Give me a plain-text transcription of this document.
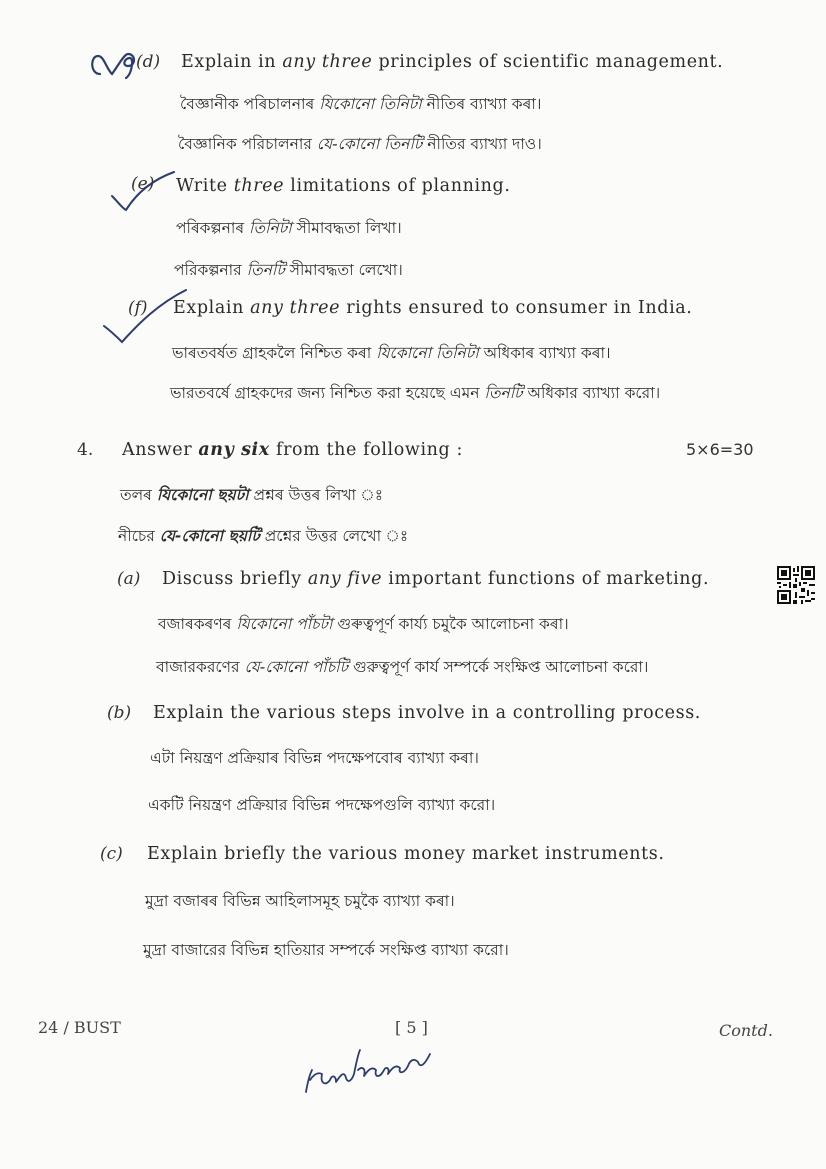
(d) Explain in any three principles of scientific management.
বৈজ্ঞানীক পৰিচালনাৰ যিকোনো তিনিটা নীতিৰ ব্যাখ্যা কৰা।
বৈজ্ঞানিক পরিচালনার যে-কোনো তিনটি নীতির ব্যাখ্যা দাও।
(e) Write three limitations of planning.
পৰিকল্পনাৰ তিনিটা সীমাবদ্ধতা লিখা।
পরিকল্পনার তিনটি সীমাবদ্ধতা লেখো।
(f) Explain any three rights ensured to consumer in India.
ভাৰতবৰ্ষত গ্ৰাহকলৈ নিশ্চিত কৰা যিকোনো তিনিটা অধিকাৰ ব্যাখ্যা কৰা।
ভারতবর্ষে গ্রাহকদের জন্য নিশ্চিত করা হয়েছে এমন তিনটি অধিকার ব্যাখ্যা করো।
4. Answer any six from the following :	5×6=30
তলৰ যিকোনো ছয়টা প্ৰশ্নৰ উত্তৰ লিখা ঃ
নীচের যে-কোনো ছয়টি প্রশ্নের উত্তর লেখো ঃ
(a) Discuss briefly any five important functions of marketing.
বজাৰকৰণৰ যিকোনো পাঁচটা গুৰুত্বপূৰ্ণ কাৰ্য্য চমুকৈ আলোচনা কৰা।
বাজারকরণের যে-কোনো পাঁচটি গুরুত্বপূর্ণ কার্য সম্পর্কে সংক্ষিপ্ত আলোচনা করো।
(b) Explain the various steps involve in a controlling process.
এটা নিয়ন্ত্ৰণ প্ৰক্ৰিয়াৰ বিভিন্ন পদক্ষেপবোৰ ব্যাখ্যা কৰা।
একটি নিয়ন্ত্রণ প্রক্রিয়ার বিভিন্ন পদক্ষেপগুলি ব্যাখ্যা করো।
(c) Explain briefly the various money market instruments.
মুদ্ৰা বজাৰৰ বিভিন্ন আহিলাসমূহ চমুকৈ ব্যাখ্যা কৰা।
মুদ্রা বাজারের বিভিন্ন হাতিয়ার সম্পর্কে সংক্ষিপ্ত ব্যাখ্যা করো।
24 / BUST	[ 5 ]	Contd.
